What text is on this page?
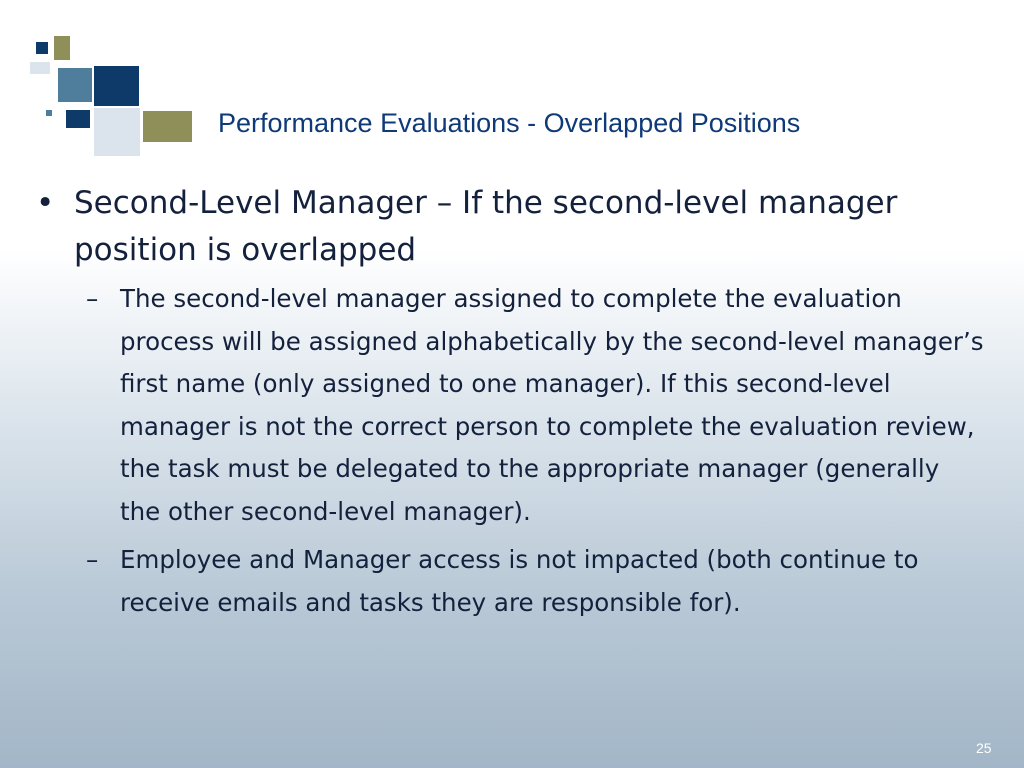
Performance Evaluations - Overlapped Positions
• Second-Level Manager – If the second-level manager position is overlapped
– The second-level manager assigned to complete the evaluation process will be assigned alphabetically by the second-level manager’s first name (only assigned to one manager). If this second-level manager is not the correct person to complete the evaluation review, the task must be delegated to the appropriate manager (generally the other second-level manager).
– Employee and Manager access is not impacted (both continue to receive emails and tasks they are responsible for).
25
